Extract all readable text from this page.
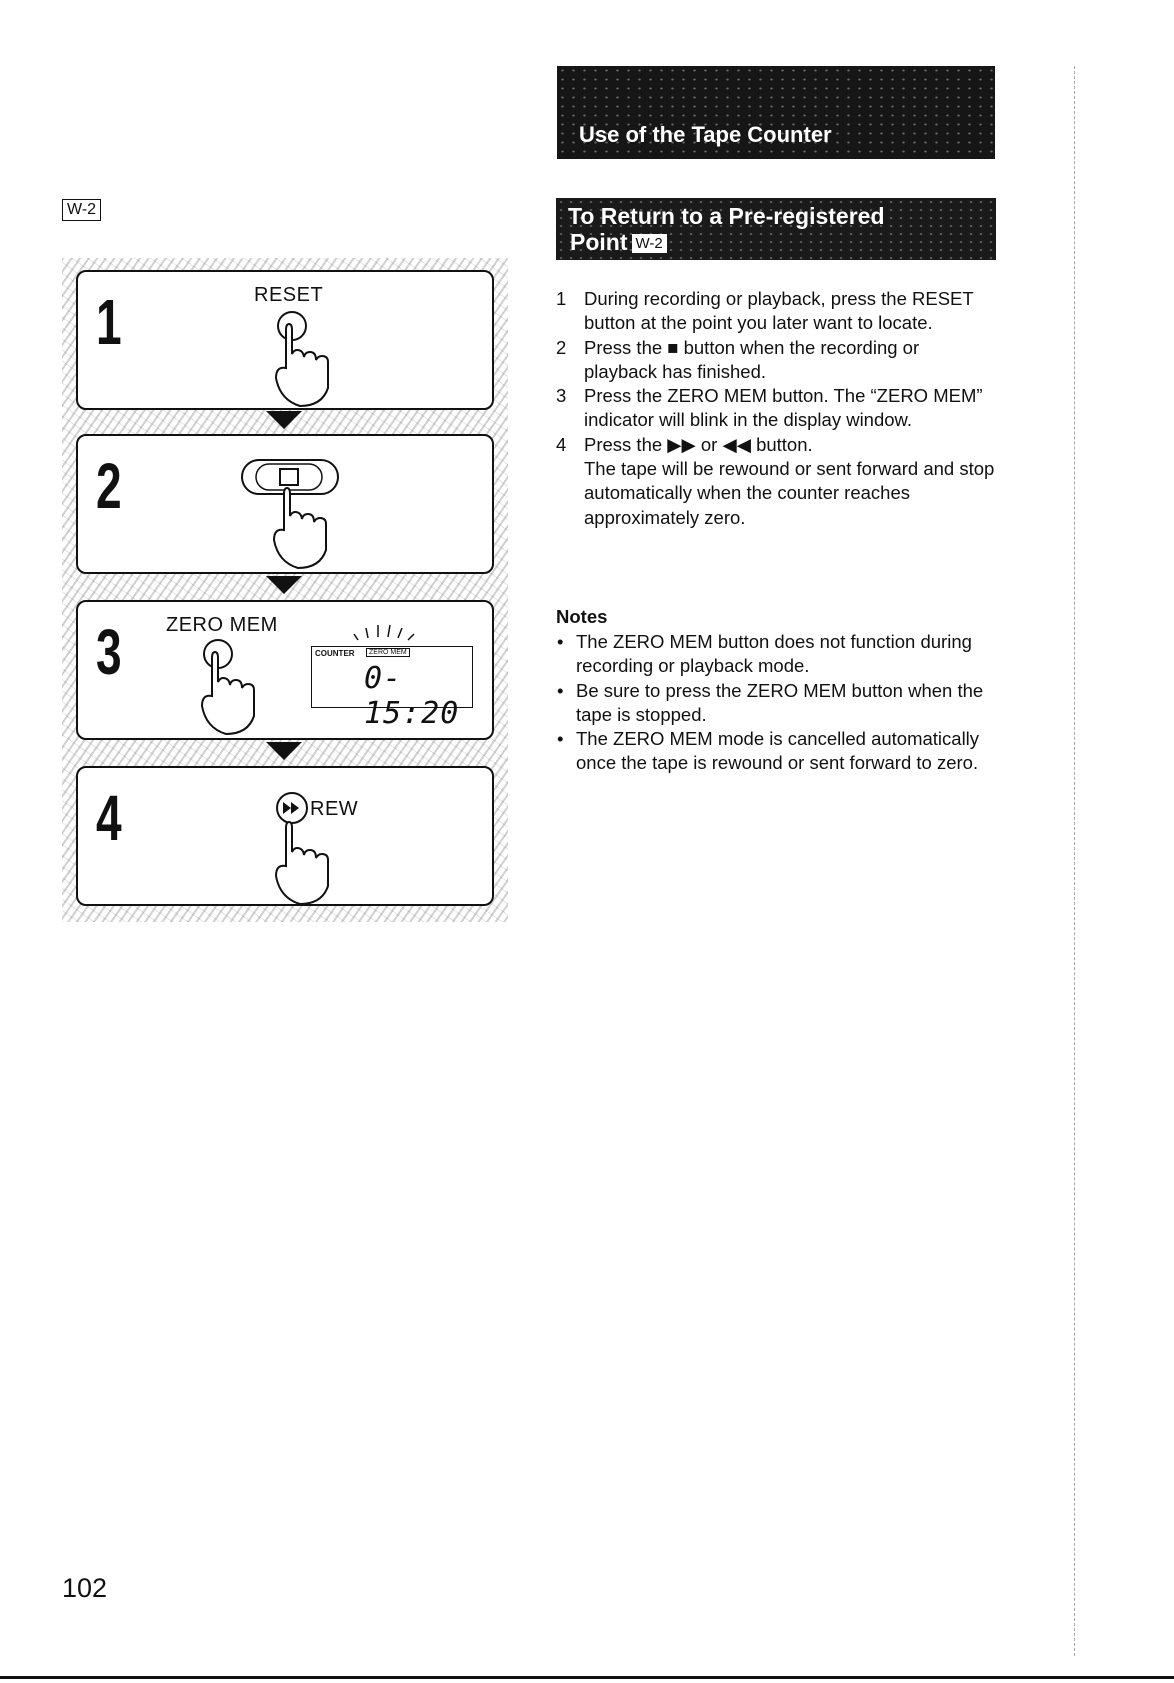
W-2
1	RESET
2
3 ZERO MEM
COUNTER	ZERO MEM
0-15:20
4	REW
Use of the Tape Counter
To Return to a Pre-registered
Point W-2
1 During recording or playback, press the RESET button at the point you later want to locate.
2 Press the ■ button when the recording or playback has finished.
3 Press the ZERO MEM button. The “ZERO MEM” indicator will blink in the display window.
4 Press the ▶▶ or ◀◀ button.
The tape will be rewound or sent forward and stop automatically when the counter reaches approximately zero.
Notes
• The ZERO MEM button does not function during recording or playback mode.
• Be sure to press the ZERO MEM button when the tape is stopped.
• The ZERO MEM mode is cancelled automatically once the tape is rewound or sent forward to zero.
102
